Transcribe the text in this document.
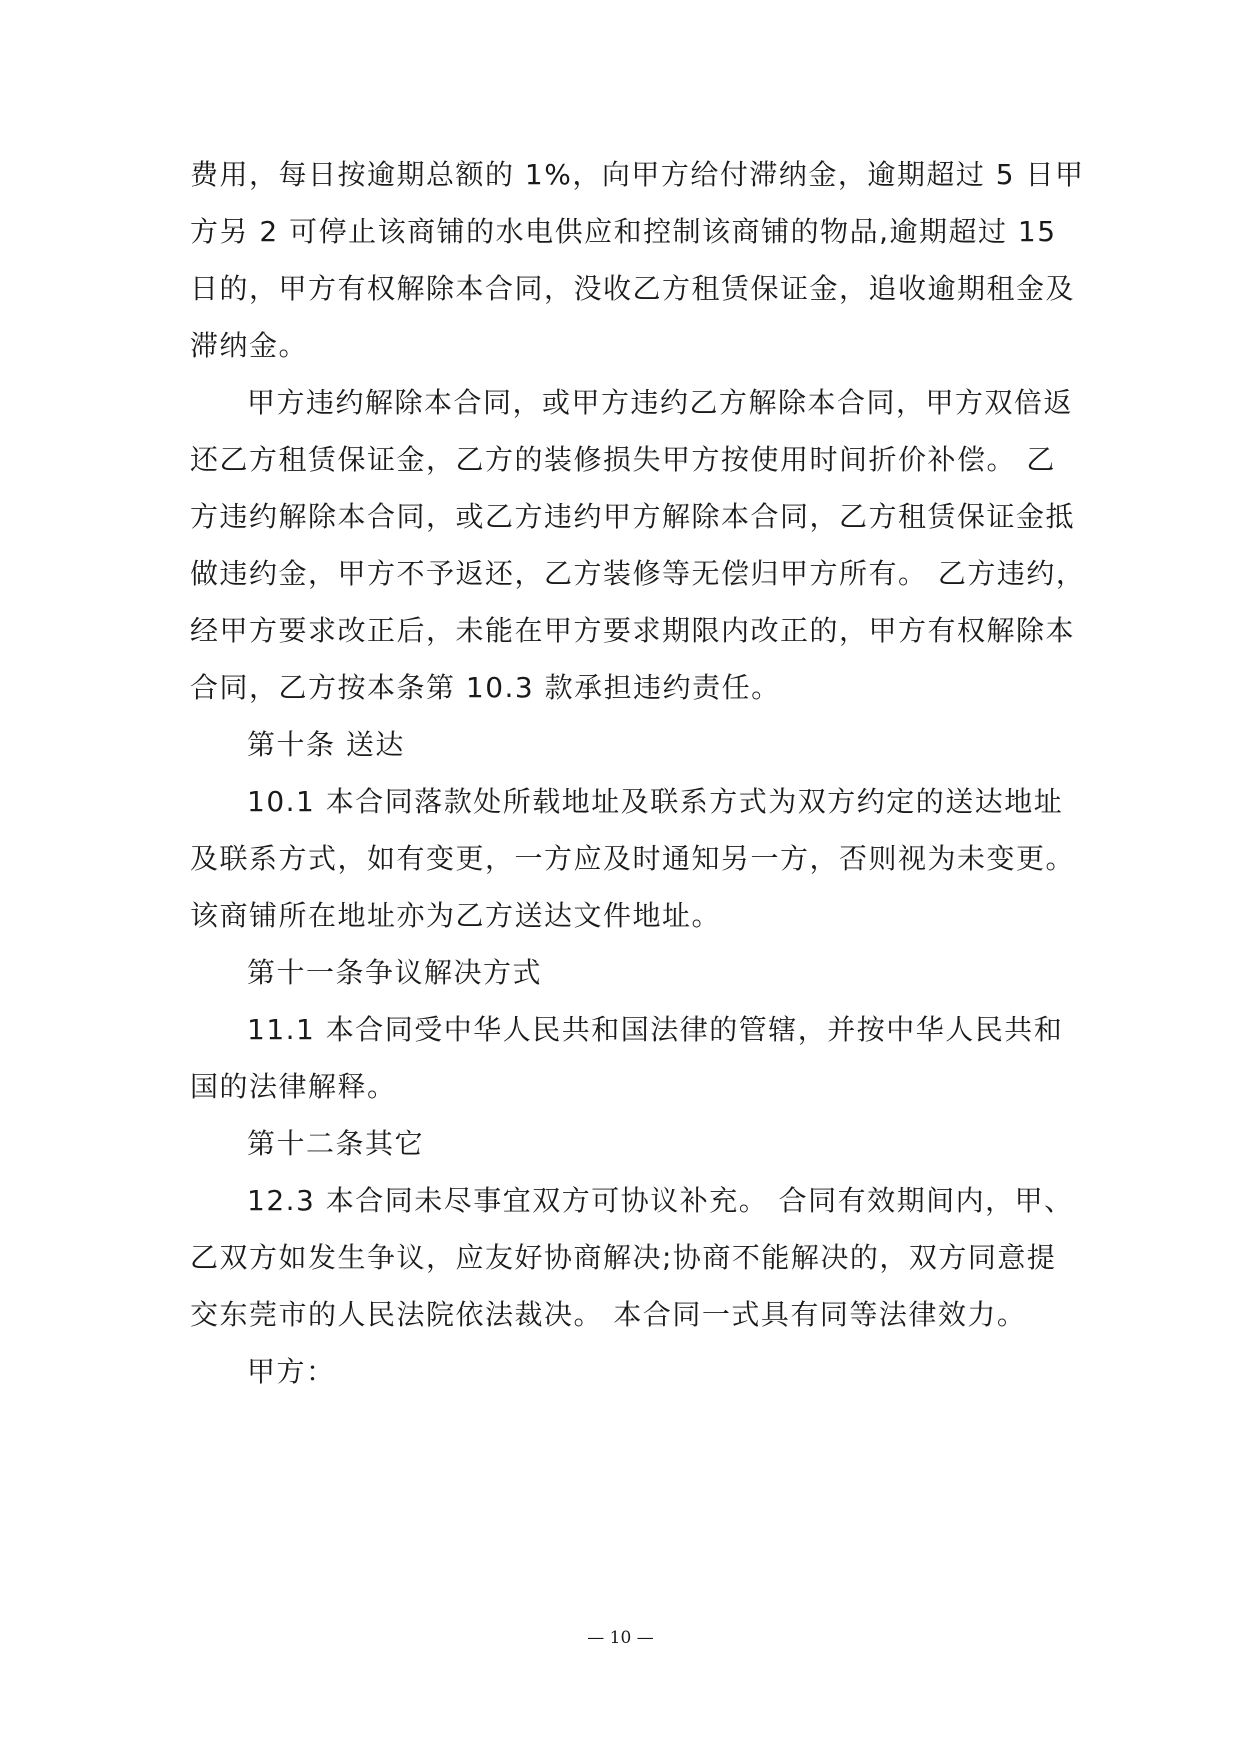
费用，每日按逾期总额的 1%，向甲方给付滞纳金，逾期超过 5 日甲
方另 2 可停止该商铺的水电供应和控制该商铺的物品,逾期超过 15
日的，甲方有权解除本合同，没收乙方租赁保证金，追收逾期租金及
滞纳金。
甲方违约解除本合同，或甲方违约乙方解除本合同，甲方双倍返
还乙方租赁保证金，乙方的装修损失甲方按使用时间折价补偿。 乙
方违约解除本合同，或乙方违约甲方解除本合同，乙方租赁保证金抵
做违约金，甲方不予返还，乙方装修等无偿归甲方所有。 乙方违约，
经甲方要求改正后，未能在甲方要求期限内改正的，甲方有权解除本
合同，乙方按本条第 10.3 款承担违约责任。
第十条 送达
10.1 本合同落款处所载地址及联系方式为双方约定的送达地址
及联系方式，如有变更，一方应及时通知另一方，否则视为未变更。
该商铺所在地址亦为乙方送达文件地址。
第十一条争议解决方式
11.1 本合同受中华人民共和国法律的管辖，并按中华人民共和
国的法律解释。
第十二条其它
12.3 本合同未尽事宜双方可协议补充。 合同有效期间内，甲、
乙双方如发生争议，应友好协商解决;协商不能解决的，双方同意提
交东莞市的人民法院依法裁决。 本合同一式具有同等法律效力。
甲方：
— 10 —
